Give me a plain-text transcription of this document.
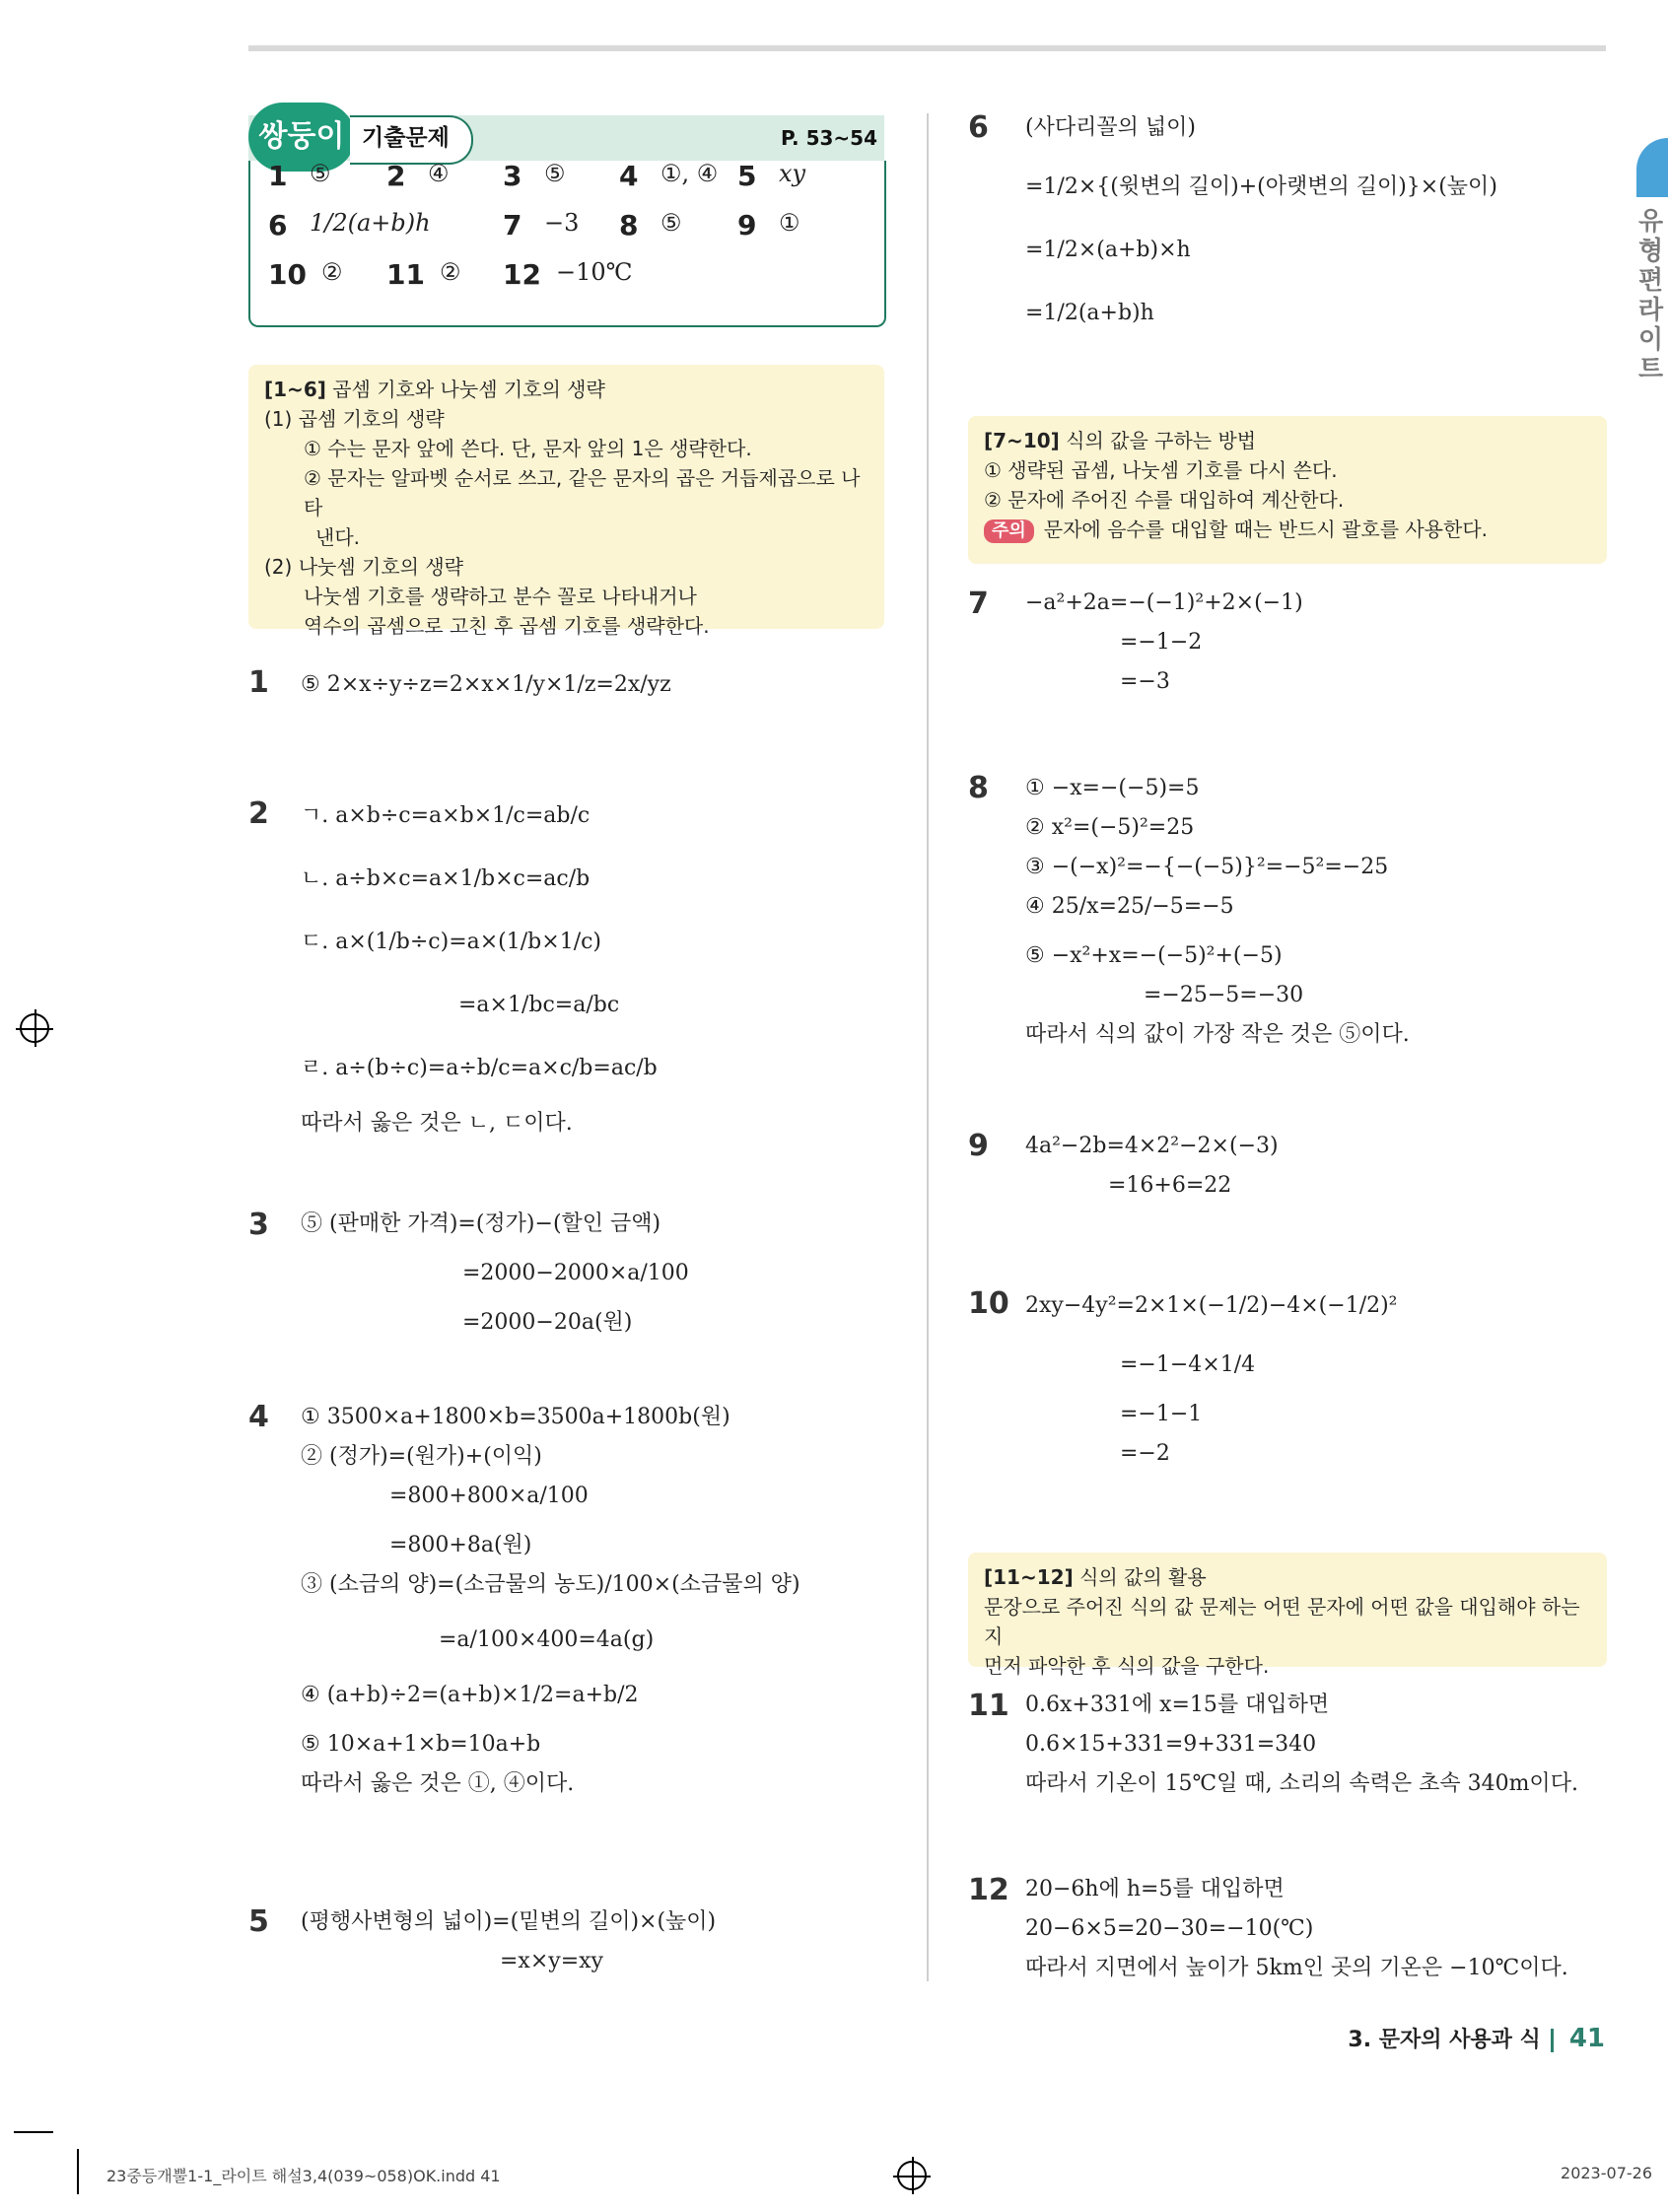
유형편 라이트
쌍둥이 기출문제	P. 53~54
1 ⑤ 2 ④ 3 ⑤ 4 ①, ④ 5 xy
6 1/2(a+b)h	7 −3 8 ⑤ 9 ①
10 ② 11 ② 12 −10℃
[1~6] 곱셈 기호와 나눗셈 기호의 생략
(1) 곱셈 기호의 생략
① 수는 문자 앞에 쓴다. 단, 문자 앞의 1은 생략한다.
② 문자는 알파벳 순서로 쓰고, 같은 문자의 곱은 거듭제곱으로 나타
낸다.
(2) 나눗셈 기호의 생략
나눗셈 기호를 생략하고 분수 꼴로 나타내거나
역수의 곱셈으로 고친 후 곱셈 기호를 생략한다.
[7~10] 식의 값을 구하는 방법
① 생략된 곱셈, 나눗셈 기호를 다시 쓴다.
② 문자에 주어진 수를 대입하여 계산한다.
주의 문자에 음수를 대입할 때는 반드시 괄호를 사용한다.
[11~12] 식의 값의 활용
문장으로 주어진 식의 값 문제는 어떤 문자에 어떤 값을 대입해야 하는지
먼저 파악한 후 식의 값을 구한다.
1 ⑤ 2×x÷y÷z=2×x×1/y×1/z=2x/yz
2 ㄱ. a×b÷c=a×b×1/c=ab/c
ㄴ. a÷b×c=a×1/b×c=ac/b
ㄷ. a×(1/b÷c)=a×(1/b×1/c)
=a×1/bc=a/bc
ㄹ. a÷(b÷c)=a÷b/c=a×c/b=ac/b
따라서 옳은 것은 ㄴ, ㄷ이다.
3 ⑤ (판매한 가격)=(정가)−(할인 금액)
=2000−2000×a/100
=2000−20a(원)
4 ① 3500×a+1800×b=3500a+1800b(원)
② (정가)=(원가)+(이익)
=800+800×a/100
=800+8a(원)
③ (소금의 양)=(소금물의 농도)/100×(소금물의 양)
=a/100×400=4a(g)
④ (a+b)÷2=(a+b)×1/2=a+b/2
⑤ 10×a+1×b=10a+b
따라서 옳은 것은 ①, ④이다.
5 (평행사변형의 넓이)=(밑변의 길이)×(높이)
=x×y=xy
6 (사다리꼴의 넓이)
=1/2×{(윗변의 길이)+(아랫변의 길이)}×(높이)
=1/2×(a+b)×h
=1/2(a+b)h
7 −a²+2a=−(−1)²+2×(−1)
=−1−2
=−3
8 ① −x=−(−5)=5
② x²=(−5)²=25
③ −(−x)²=−{−(−5)}²=−5²=−25
④ 25/x=25/−5=−5
⑤ −x²+x=−(−5)²+(−5)
=−25−5=−30
따라서 식의 값이 가장 작은 것은 ⑤이다.
9 4a²−2b=4×2²−2×(−3)
=16+6=22
10 2xy−4y²=2×1×(−1/2)−4×(−1/2)²
=−1−4×1/4
=−1−1
=−2
11 0.6x+331에 x=15를 대입하면
0.6×15+331=9+331=340
따라서 기온이 15℃일 때, 소리의 속력은 초속 340m이다.
12 20−6h에 h=5를 대입하면
20−6×5=20−30=−10(℃)
따라서 지면에서 높이가 5km인 곳의 기온은 −10℃이다.
3. 문자의 사용과 식 41
23중등개뿔1-1_라이트 해설3,4(039~058)OK.indd 41	2023-07-26
